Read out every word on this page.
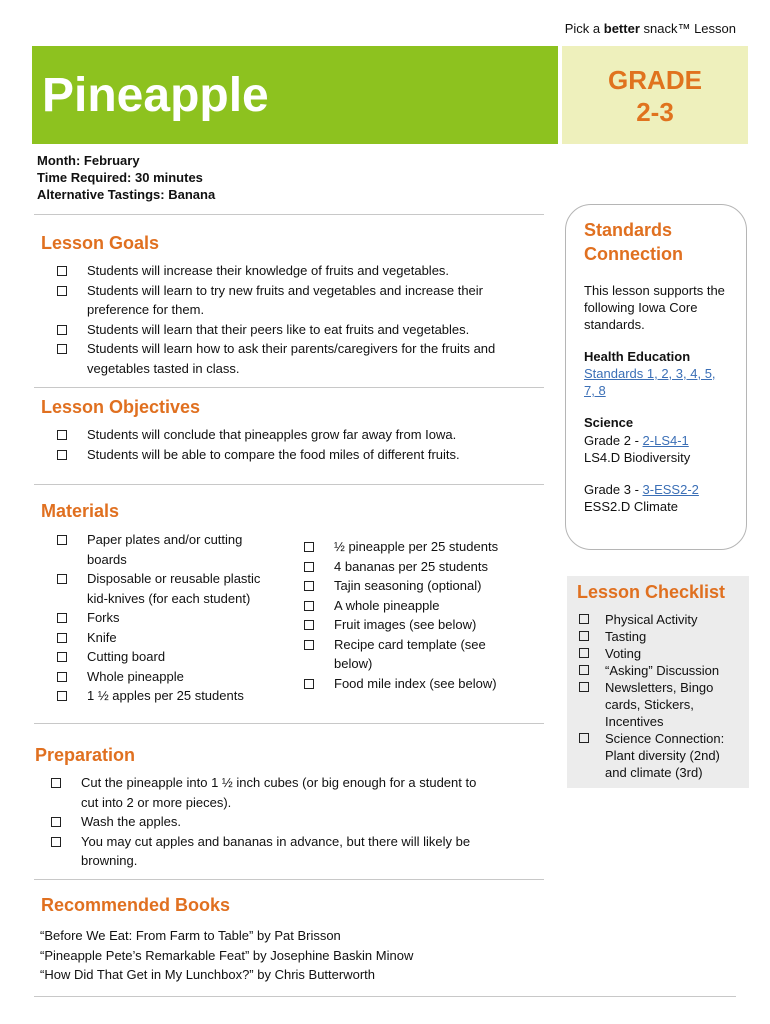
Pick a better snack™ Lesson
Pineapple	GRADE
2-3
Month: February
Time Required: 30 minutes
Alternative Tastings: Banana
Lesson Goals
Students will increase their knowledge of fruits and vegetables.
Students will learn to try new fruits and vegetables and increase their preference for them.
Students will learn that their peers like to eat fruits and vegetables.
Students will learn how to ask their parents/caregivers for the fruits and vegetables tasted in class.
Lesson Objectives
Students will conclude that pineapples grow far away from Iowa.
Students will be able to compare the food miles of different fruits.
Materials
Paper plates and/or cutting boards
Disposable or reusable plastic kid-knives (for each student)
Forks
Knife
Cutting board
Whole pineapple
1 ½ apples per 25 students
½ pineapple per 25 students
4 bananas per 25 students
Tajin seasoning (optional)
A whole pineapple
Fruit images (see below)
Recipe card template (see below)
Food mile index (see below)
Preparation
Cut the pineapple into 1 ½ inch cubes (or big enough for a student to cut into 2 or more pieces).
Wash the apples.
You may cut apples and bananas in advance, but there will likely be browning.
Recommended Books
“Before We Eat: From Farm to Table” by Pat Brisson
“Pineapple Pete’s Remarkable Feat” by Josephine Baskin Minow
“How Did That Get in My Lunchbox?” by Chris Butterworth
Standards Connection
This lesson supports the following Iowa Core standards.
Health Education
Standards 1, 2, 3, 4, 5, 7, 8
Science
Grade 2 - 2-LS4-1
LS4.D Biodiversity
Grade 3 - 3-ESS2-2
ESS2.D Climate
Lesson Checklist
Physical Activity
Tasting
Voting
“Asking” Discussion
Newsletters, Bingo cards, Stickers, Incentives
Science Connection: Plant diversity (2nd) and climate (3rd)
